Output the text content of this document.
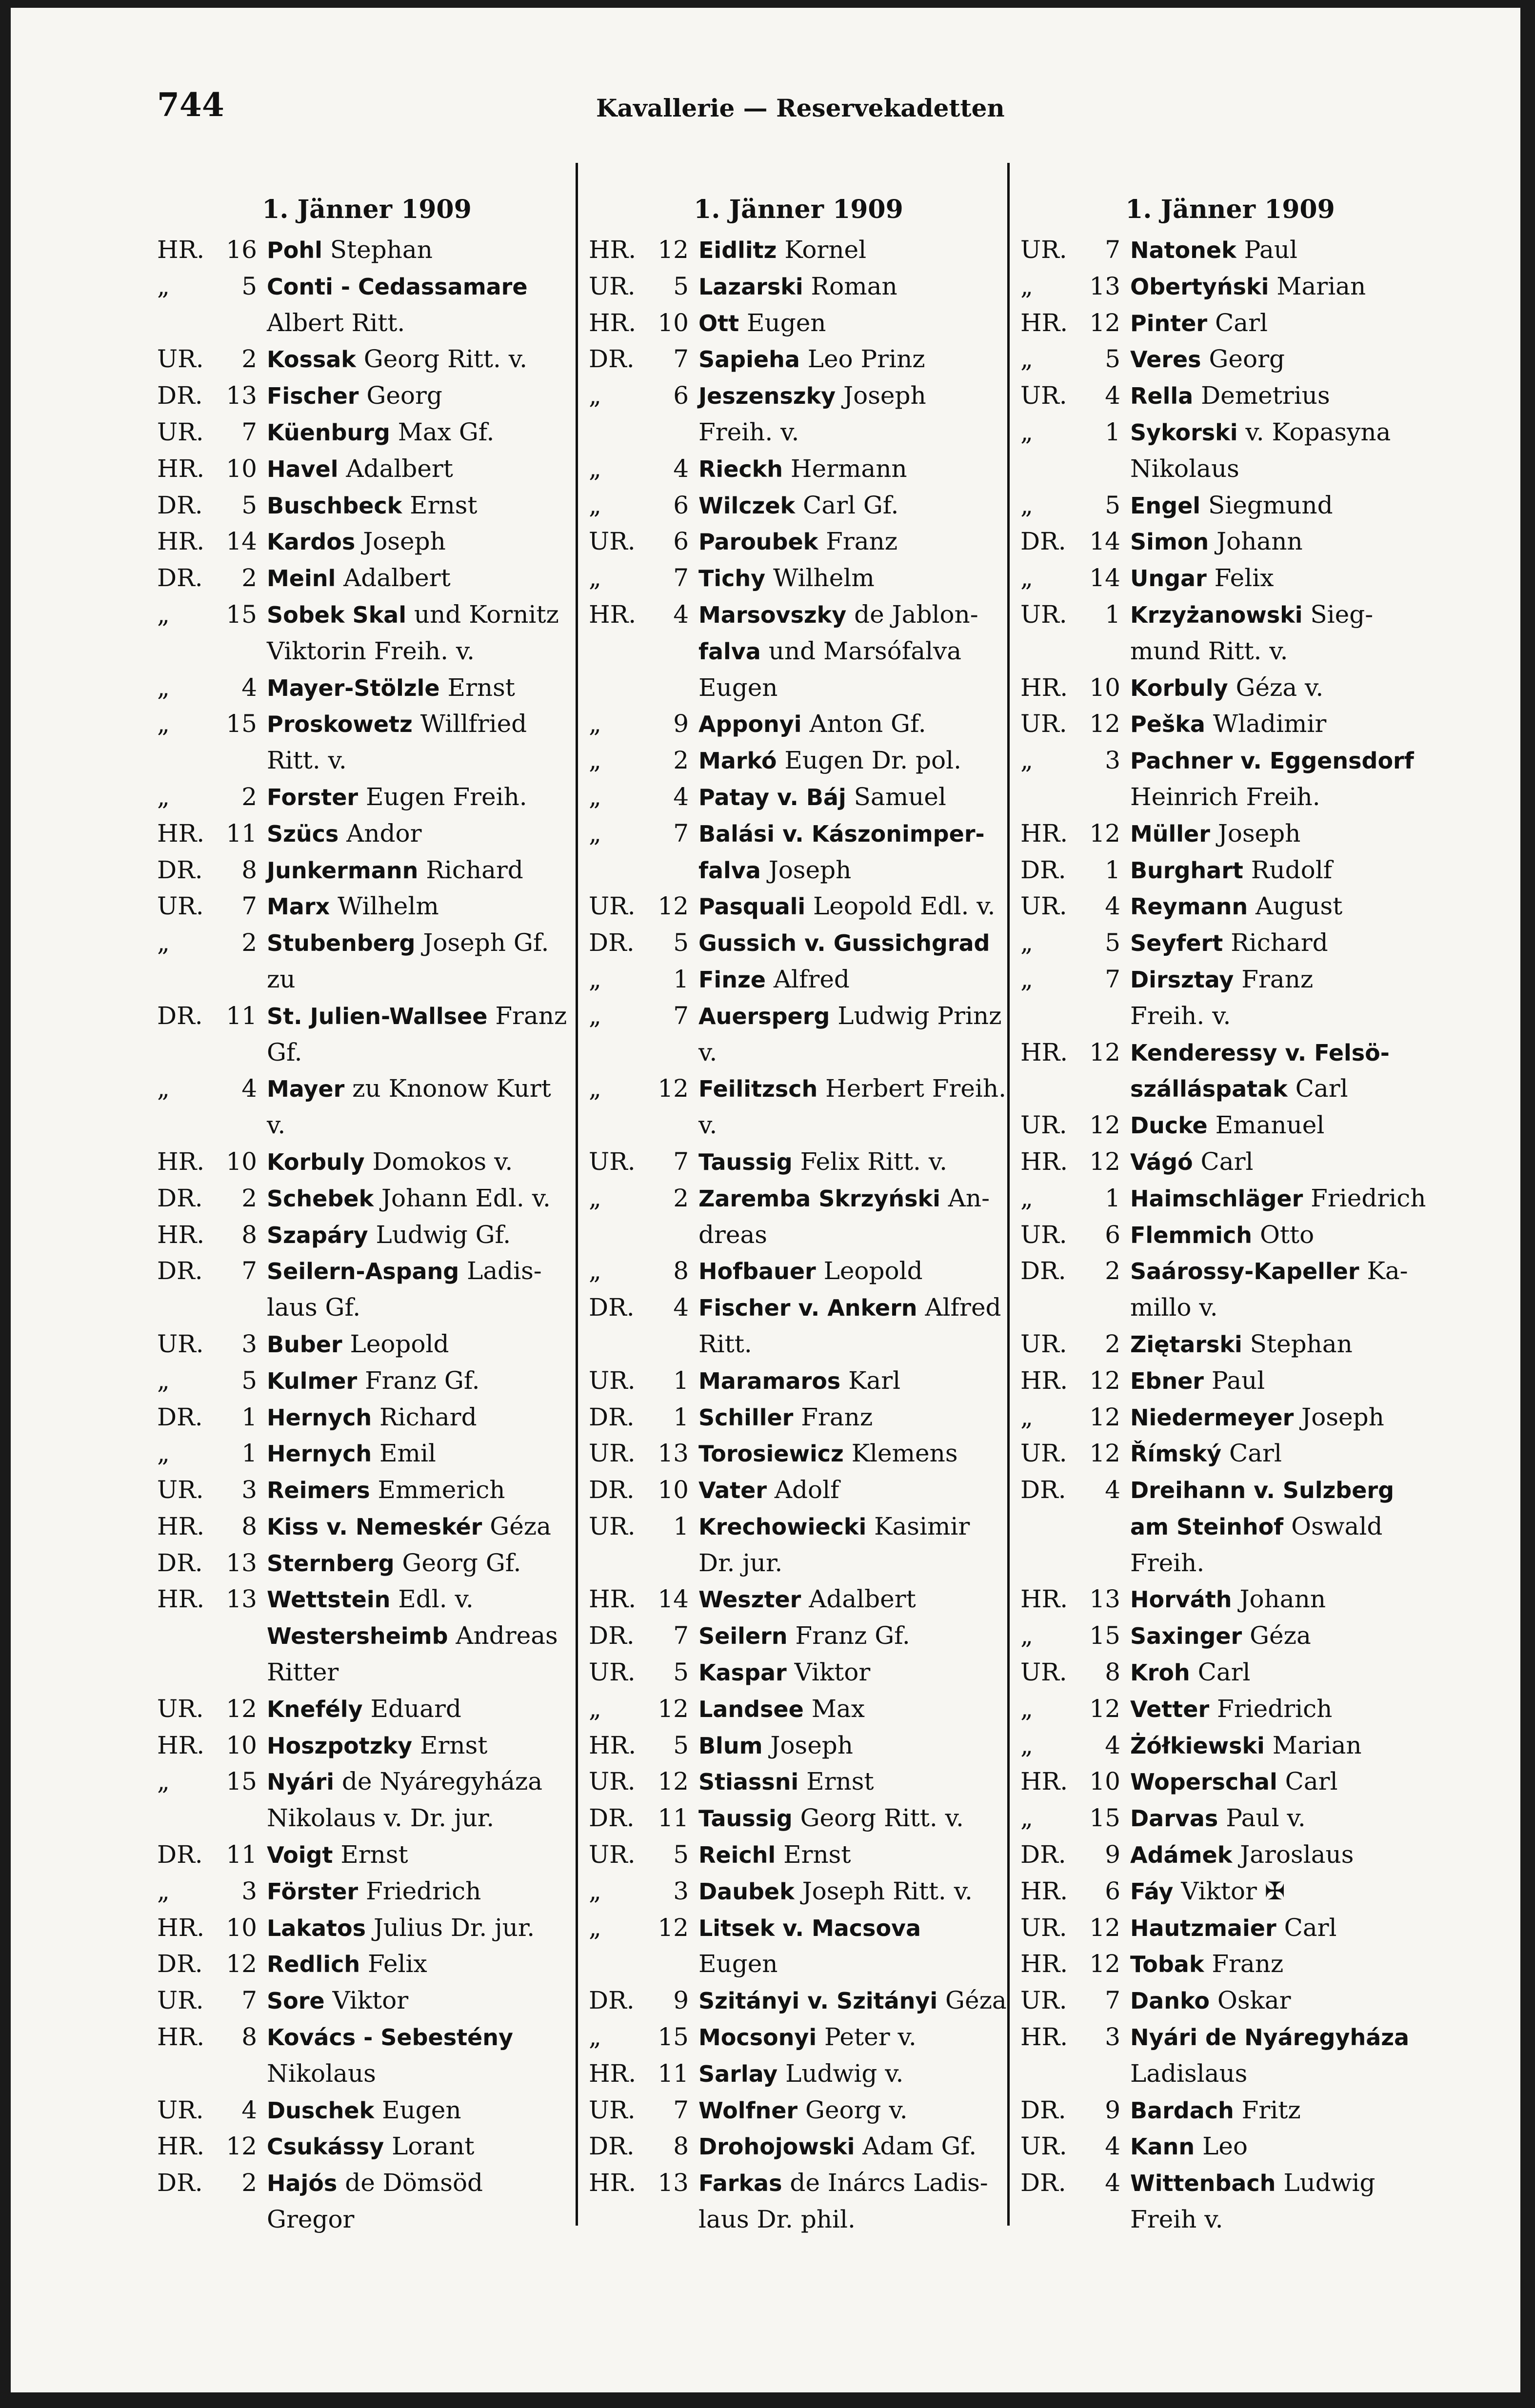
744	Kavallerie — Reservekadetten
1. Jänner 1909
HR. 16 Pohl Stephan
„	5 Conti - Cedassamare
Albert Ritt.
UR.	2 Kossak Georg Ritt. v.
DR. 13 Fischer Georg
UR.	7 Küenburg Max Gf.
HR. 10 Havel Adalbert
DR.	5 Buschbeck Ernst
HR. 14 Kardos Joseph
DR.	2 Meinl Adalbert
„	15 Sobek Skal und Kornitz
Viktorin Freih. v.
„	4 Mayer-Stölzle Ernst
„	15 Proskowetz Willfried
Ritt. v.
„	2 Forster Eugen Freih.
HR. 11 Szücs Andor
DR.	8 Junkermann Richard
UR.	7 Marx Wilhelm
„	2 Stubenberg Joseph Gf.
zu
DR. 11 St. Julien-Wallsee Franz
Gf.
„	4 Mayer zu Knonow Kurt
v.
HR. 10 Korbuly Domokos v.
DR.	2 Schebek Johann Edl. v.
HR.	8 Szapáry Ludwig Gf.
DR.	7 Seilern-Aspang Ladis-
laus Gf.
UR.	3 Buber Leopold
„	5 Kulmer Franz Gf.
DR.	1 Hernych Richard
„	1 Hernych Emil
UR.	3 Reimers Emmerich
HR.	8 Kiss v. Nemeskér Géza
DR. 13 Sternberg Georg Gf.
HR. 13 Wettstein Edl. v.
Westersheimb Andreas
Ritter
UR. 12 Knefély Eduard
HR. 10 Hoszpotzky Ernst
„	15 Nyári de Nyáregyháza
Nikolaus v. Dr. jur.
DR. 11 Voigt Ernst
„	3 Förster Friedrich
HR. 10 Lakatos Julius Dr. jur.
DR. 12 Redlich Felix
UR.	7 Sore Viktor
HR.	8 Kovács - Sebestény
Nikolaus
UR.	4 Duschek Eugen
HR. 12 Csukássy Lorant
DR.	2 Hajós de Dömsöd
Gregor
1. Jänner 1909
HR. 12 Eidlitz Kornel
UR.	5 Lazarski Roman
HR. 10 Ott Eugen
DR.	7 Sapieha Leo Prinz
„	6 Jeszenszky Joseph
Freih. v.
„	4 Rieckh Hermann
„	6 Wilczek Carl Gf.
UR.	6 Paroubek Franz
„	7 Tichy Wilhelm
HR.	4 Marsovszky de Jablon-
falva und Marsófalva
Eugen
„	9 Apponyi Anton Gf.
„	2 Markó Eugen Dr. pol.
„	4 Patay v. Báj Samuel
„	7 Balási v. Kászonimper-
falva Joseph
UR. 12 Pasquali Leopold Edl. v.
DR.	5 Gussich v. Gussichgrad
„	1 Finze Alfred
„	7 Auersperg Ludwig Prinz
v.
„	12 Feilitzsch Herbert Freih.
v.
UR.	7 Taussig Felix Ritt. v.
„	2 Zaremba Skrzyński An-
dreas
„	8 Hofbauer Leopold
DR.	4 Fischer v. Ankern Alfred
Ritt.
UR.	1 Maramaros Karl
DR.	1 Schiller Franz
UR. 13 Torosiewicz Klemens
DR. 10 Vater Adolf
UR.	1 Krechowiecki Kasimir
Dr. jur.
HR. 14 Weszter Adalbert
DR.	7 Seilern Franz Gf.
UR.	5 Kaspar Viktor
„	12 Landsee Max
HR.	5 Blum Joseph
UR. 12 Stiassni Ernst
DR. 11 Taussig Georg Ritt. v.
UR.	5 Reichl Ernst
„	3 Daubek Joseph Ritt. v.
„	12 Litsek v. Macsova
Eugen
DR.	9 Szitányi v. Szitányi Géza
„	15 Mocsonyi Peter v.
HR. 11 Sarlay Ludwig v.
UR.	7 Wolfner Georg v.
DR.	8 Drohojowski Adam Gf.
HR. 13 Farkas de Inárcs Ladis-
laus Dr. phil.
1. Jänner 1909
UR.	7 Natonek Paul
„	13 Obertyński Marian
HR. 12 Pinter Carl
„	5 Veres Georg
UR.	4 Rella Demetrius
„	1 Sykorski v. Kopasyna
Nikolaus
„	5 Engel Siegmund
DR. 14 Simon Johann
„	14 Ungar Felix
UR.	1 Krzyżanowski Sieg-
mund Ritt. v.
HR. 10 Korbuly Géza v.
UR. 12 Peška Wladimir
„	3 Pachner v. Eggensdorf
Heinrich Freih.
HR. 12 Müller Joseph
DR.	1 Burghart Rudolf
UR.	4 Reymann August
„	5 Seyfert Richard
„	7 Dirsztay Franz
Freih. v.
HR. 12 Kenderessy v. Felsö-
szálláspatak Carl
UR. 12 Ducke Emanuel
HR. 12 Vágó Carl
„	1 Haimschläger Friedrich
UR.	6 Flemmich Otto
DR.	2 Saárossy-Kapeller Ka-
millo v.
UR.	2 Ziętarski Stephan
HR. 12 Ebner Paul
„	12 Niedermeyer Joseph
UR. 12 Římský Carl
DR.	4 Dreihann v. Sulzberg
am Steinhof Oswald
Freih.
HR. 13 Horváth Johann
„	15 Saxinger Géza
UR.	8 Kroh Carl
„	12 Vetter Friedrich
„	4 Żółkiewski Marian
HR. 10 Woperschal Carl
„	15 Darvas Paul v.
DR.	9 Adámek Jaroslaus
HR.	6 Fáy Viktor ✠
UR. 12 Hautzmaier Carl
HR. 12 Tobak Franz
UR.	7 Danko Oskar
HR.	3 Nyári de Nyáregyháza
Ladislaus
DR.	9 Bardach Fritz
UR.	4 Kann Leo
DR.	4 Wittenbach Ludwig
Freih v.
